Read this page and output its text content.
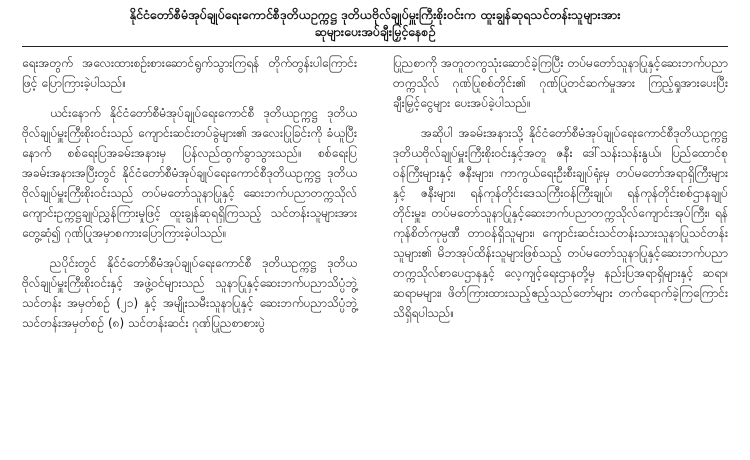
နိုင်ငံတော်စီမံအုပ်ချုပ်ရေးကောင်စီဒုတိယဥက္ကဋ္ဌ ဒုတိယဗိုလ်ချုပ်မှူးကြီးစိုးဝင်းက ထူးချွန်ဆုရသင်တန်းသူများအား
ဆုများပေးအပ်ချီးမြှင့်နေစဉ်

ရေးအတွက် အလေးထားစဉ်းစားဆောင်ရွက်သွားကြရန် တိုက်တွန်းပါကြောင်းဖြင့် ပြောကြားခဲ့ပါသည်။

ယင်းနောက် နိုင်ငံတော်စီမံအုပ်ချုပ်ရေးကောင်စီ ဒုတိယဥက္ကဋ္ဌ ဒုတိယဗိုလ်ချုပ်မှူးကြီးစိုးဝင်းသည် ကျောင်းဆင်းတပ်ခွဲများ၏ အလေးပြုခြင်းကို ခံယူပြီးနောက် စစ်ရေးပြအခမ်းအနားမှ ပြန်လည်ထွက်ခွာသွားသည်။ စစ်ရေးပြအခမ်းအနားအပြီးတွင် နိုင်ငံတော်စီမံအုပ်ချုပ်ရေးကောင်စီဒုတိယဥက္ကဋ္ဌ ဒုတိယဗိုလ်ချုပ်မှူးကြီးစိုးဝင်းသည် တပ်မတော်သူနာပြုနှင့် ဆေးဘက်ပညာတက္ကသိုလ်ကျောင်းဥက္ကဋ္ဌချုပ်ညွှန်ကြားမှုဖြင့် ထူးချွန်ဆုရရှိကြသည့် သင်တန်းသူများအား တွေ့ဆုံ၍ ဂုဏ်ပြုအမှာစကားပြောကြားခဲ့ပါသည်။

ညပိုင်းတွင် နိုင်ငံတော်စီမံအုပ်ချုပ်ရေးကောင်စီ ဒုတိယဥက္ကဋ္ဌ ဒုတိယဗိုလ်ချုပ်မှူးကြီးစိုးဝင်းနှင့် အဖွဲ့ဝင်များသည် သူနာပြုနှင့်ဆေးဘက်ပညာသိပ္ပံဘွဲ့သင်တန်း အမှတ်စဉ် (၂၁) နှင့် အမျိုးသမီးသူနာပြုနှင့် ဆေးဘက်ပညာသိပ္ပံဘွဲ့ သင်တန်းအမှတ်စဉ် (၈) သင်တန်းဆင်း ဂုဏ်ပြုညစာစားပွဲ

ပြုညစာကို အတူတကွသုံးဆောင်ခဲ့ကြပြီး တပ်မတော်သူနာပြုနှင့်ဆေးဘက်ပညာတက္ကသိုလ် ဂုဏ်ပြုစစ်တိုင်း၏ ဂုဏ်ပြုတင်ဆက်မှုအား ကြည့်ရှုအားပေးပြီး ချီးမြှင့်ငွေများ ပေးအပ်ခဲ့ပါသည်။

အဆိုပါ အခမ်းအနားသို့ နိုင်ငံတော်စီမံအုပ်ချုပ်ရေးကောင်စီဒုတိယဥက္ကဋ္ဌ ဒုတိယဗိုလ်ချုပ်မှူးကြီးစိုးဝင်းနှင့်အတူ ဇနီး ဒေါ်သန်းသန်းနွယ်၊ ပြည်ထောင်စုဝန်ကြီးများနှင့် ဇနီးများ၊ ကာကွယ်ရေးဦးစီးချုပ်ရုံးမှ တပ်မတော်အရာရှိကြီးများနှင့် ဇနီးများ၊ ရန်ကုန်တိုင်းဒေသကြီးဝန်ကြီးချုပ်၊ ရန်ကုန်တိုင်းစစ်ဌာနချုပ် တိုင်းမှူး၊ တပ်မတော်သူနာပြုနှင့်ဆေးဘက်ပညာတက္ကသိုလ်ကျောင်းအုပ်ကြီး၊ ရန်ကုန်စိတ်ကုမ္ပဏီ တာဝန်ရှိသူများ၊ ကျောင်းဆင်းသင်တန်းသားသူနာပြုသင်တန်းသူများ၏ မိဘအုပ်ထိန်းသူများဖြစ်သည့် တပ်မတော်သူနာပြုနှင့်ဆေးဘက်ပညာတက္ကသိုလ်စာပေဌာနနှင့် လေ့ကျင့်ရေးဌာနတို့မှ နည်းပြအရာရှိများနှင့် ဆရာ၊ ဆရာမများ၊ ဖိတ်ကြားထားသည့်ဧည့်သည်တော်များ တက်ရောက်ခဲ့ကြကြောင်း သိရှိရပါသည်။
